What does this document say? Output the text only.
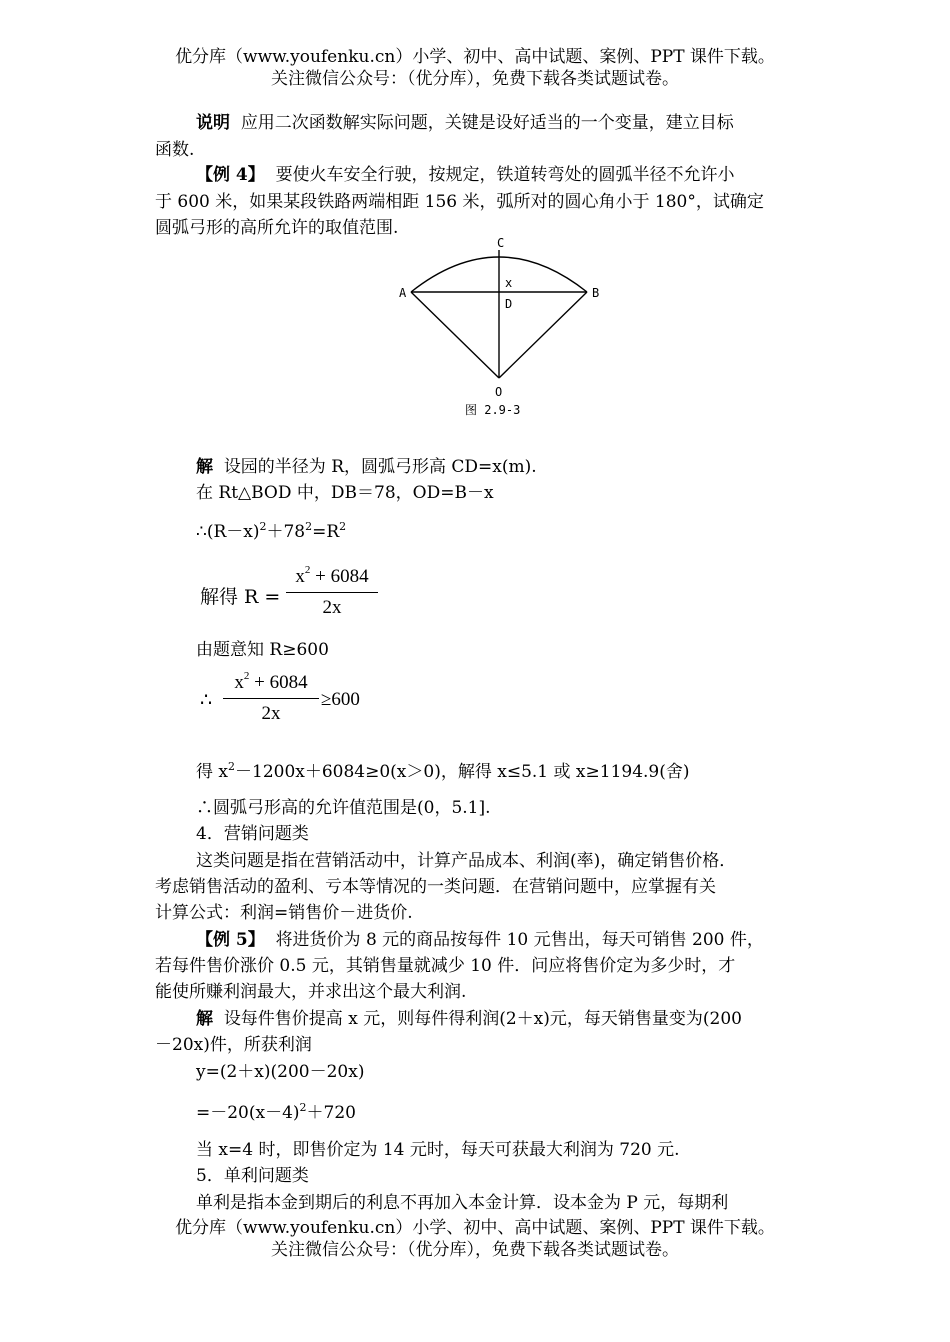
优分库（www.youfenku.cn）小学、初中、高中试题、案例、PPT 课件下载。
关注微信公众号：（优分库），免费下载各类试题试卷。
说明 应用二次函数解实际问题，关键是设好适当的一个变量，建立目标
函数.
【例 4】 要使火车安全行驶，按规定，铁道转弯处的圆弧半径不允许小
于 600 米，如果某段铁路两端相距 156 米，弧所对的圆心角小于 180°，试确定
圆弧弓形的高所允许的取值范围.
A	B
C
x
D
O
图 2.9-3
解 设园的半径为 R，圆弧弓形高 CD=x(m).
在 Rt△BOD 中，DB＝78，OD=B－x
$\therefore(R-x)^2+78^2=R^2$
解得 $R = \frac{x^2 + 6084}{2x}$
由题意知 R≥600
∴ $\frac{x^2 + 6084}{2x} \ge 600$
得 $x^2-1200x+6084\ge 0(x>0)$，解得 x≤5.1 或 x≥1194.9(舍)
∴圆弧弓形高的允许值范围是(0，5.1].
4．营销问题类
这类问题是指在营销活动中，计算产品成本、利润(率)，确定销售价格．
考虑销售活动的盈利、亏本等情况的一类问题．在营销问题中，应掌握有关
计算公式：利润=销售价－进货价.
【例 5】 将进货价为 8 元的商品按每件 10 元售出，每天可销售 200 件，
若每件售价涨价 0.5 元，其销售量就减少 10 件．问应将售价定为多少时，才
能使所赚利润最大，并求出这个最大利润.
解 设每件售价提高 x 元，则每件得利润(2＋x)元，每天销售量变为(200
－20x)件，所获利润
y=(2＋x)(200－20x)
$=-20(x-4)^2+720$
当 x=4 时，即售价定为 14 元时，每天可获最大利润为 720 元.
5．单利问题类
单利是指本金到期后的利息不再加入本金计算．设本金为 P 元，每期利
优分库（www.youfenku.cn）小学、初中、高中试题、案例、PPT 课件下载。
关注微信公众号：（优分库），免费下载各类试题试卷。
